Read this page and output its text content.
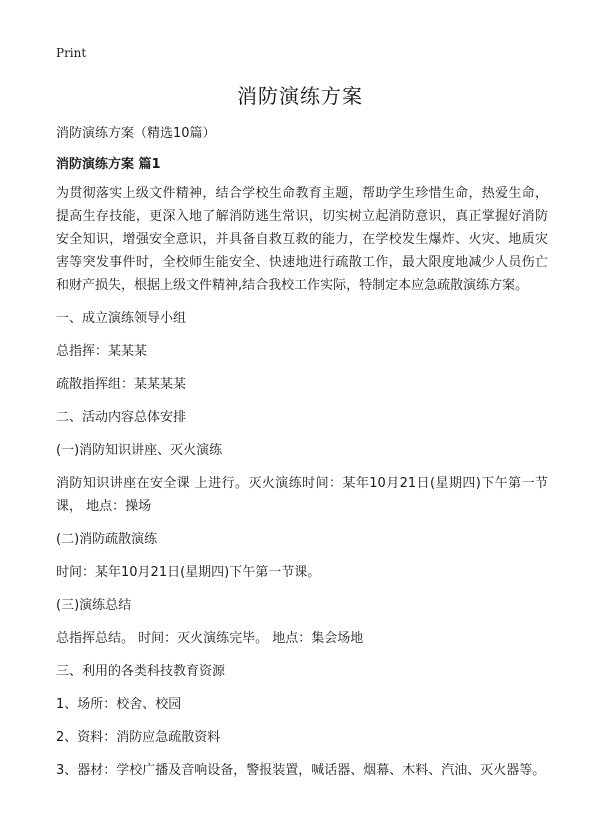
Print
消防演练方案

消防演练方案（精选10篇）

消防演练方案 篇1

为贯彻落实上级文件精神，结合学校生命教育主题，帮助学生珍惜生命，热爱生命，提高生存技能，更深入地了解消防逃生常识，切实树立起消防意识，真正掌握好消防安全知识，增强安全意识，并具备自救互救的能力，在学校发生爆炸、火灾、地质灾害等突发事件时，全校师生能安全、快速地进行疏散工作，最大限度地减少人员伤亡和财产损失，根据上级文件精神,结合我校工作实际，特制定本应急疏散演练方案。

一、成立演练领导小组

总指挥：某某某

疏散指挥组：某某某某

二、活动内容总体安排

(一)消防知识讲座、灭火演练

消防知识讲座在安全课 上进行。灭火演练时间：某年10月21日(星期四)下午第一节课， 地点：操场

(二)消防疏散演练

时间：某年10月21日(星期四)下午第一节课。

(三)演练总结

总指挥总结。 时间：灭火演练完毕。 地点：集会场地

三、利用的各类科技教育资源

1、场所：校舍、校园

2、资料：消防应急疏散资料

3、器材：学校广播及音响设备，警报装置，喊话器、烟幕、木料、汽油、灭火器等。
